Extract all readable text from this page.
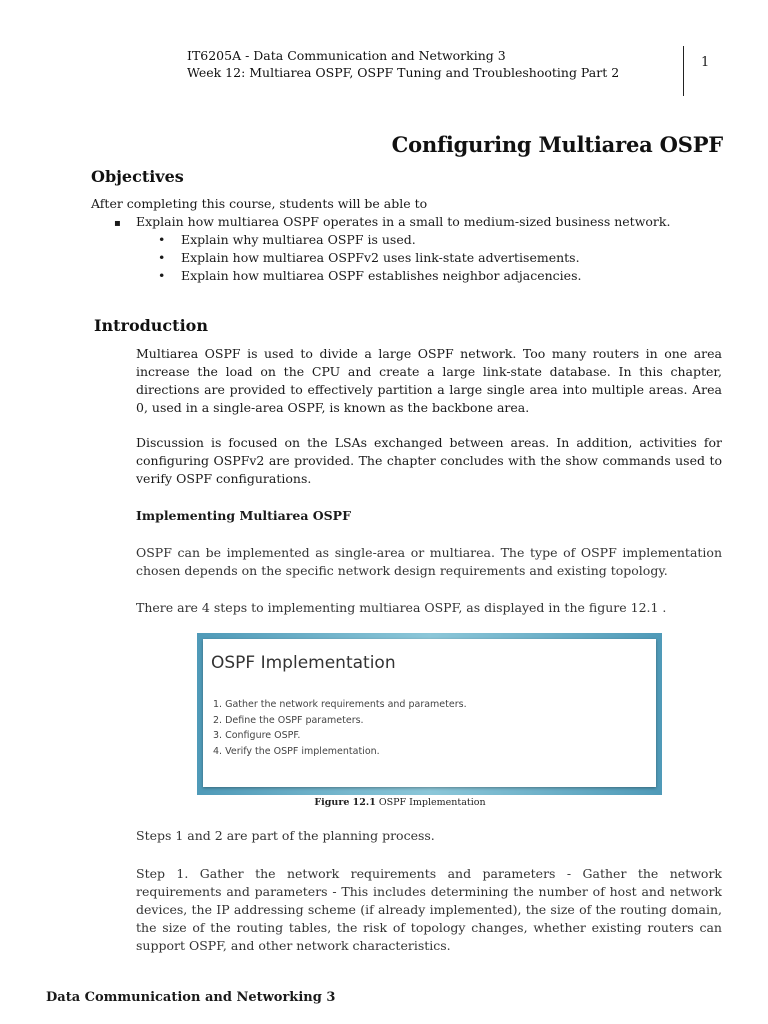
IT6205A - Data Communication and Networking 3
Week 12: Multiarea OSPF, OSPF Tuning and Troubleshooting Part 2
1
Configuring Multiarea OSPF
Objectives
After completing this course, students will be able to
▪ Explain how multiarea OSPF operates in a small to medium-sized business network.
• Explain why multiarea OSPF is used.
• Explain how multiarea OSPFv2 uses link-state advertisements.
• Explain how multiarea OSPF establishes neighbor adjacencies.
Introduction
Multiarea OSPF is used to divide a large OSPF network. Too many routers in one area increase the load on the CPU and create a large link-state database. In this chapter, directions are provided to effectively partition a large single area into multiple areas. Area 0, used in a single-area OSPF, is known as the backbone area.
Discussion is focused on the LSAs exchanged between areas. In addition, activities for configuring OSPFv2 are provided. The chapter concludes with the show commands used to verify OSPF configurations.
Implementing Multiarea OSPF
OSPF can be implemented as single-area or multiarea. The type of OSPF implementation chosen depends on the specific network design requirements and existing topology.
There are 4 steps to implementing multiarea OSPF, as displayed in the figure 12.1 .
OSPF Implementation
1. Gather the network requirements and parameters.
2. Define the OSPF parameters.
3. Configure OSPF.
4. Verify the OSPF implementation.
Figure 12.1 OSPF Implementation
Steps 1 and 2 are part of the planning process.
Step 1. Gather the network requirements and parameters - Gather the network requirements and parameters - This includes determining the number of host and network devices, the IP addressing scheme (if already implemented), the size of the routing domain, the size of the routing tables, the risk of topology changes, whether existing routers can support OSPF, and other network characteristics.
Data Communication and Networking 3
